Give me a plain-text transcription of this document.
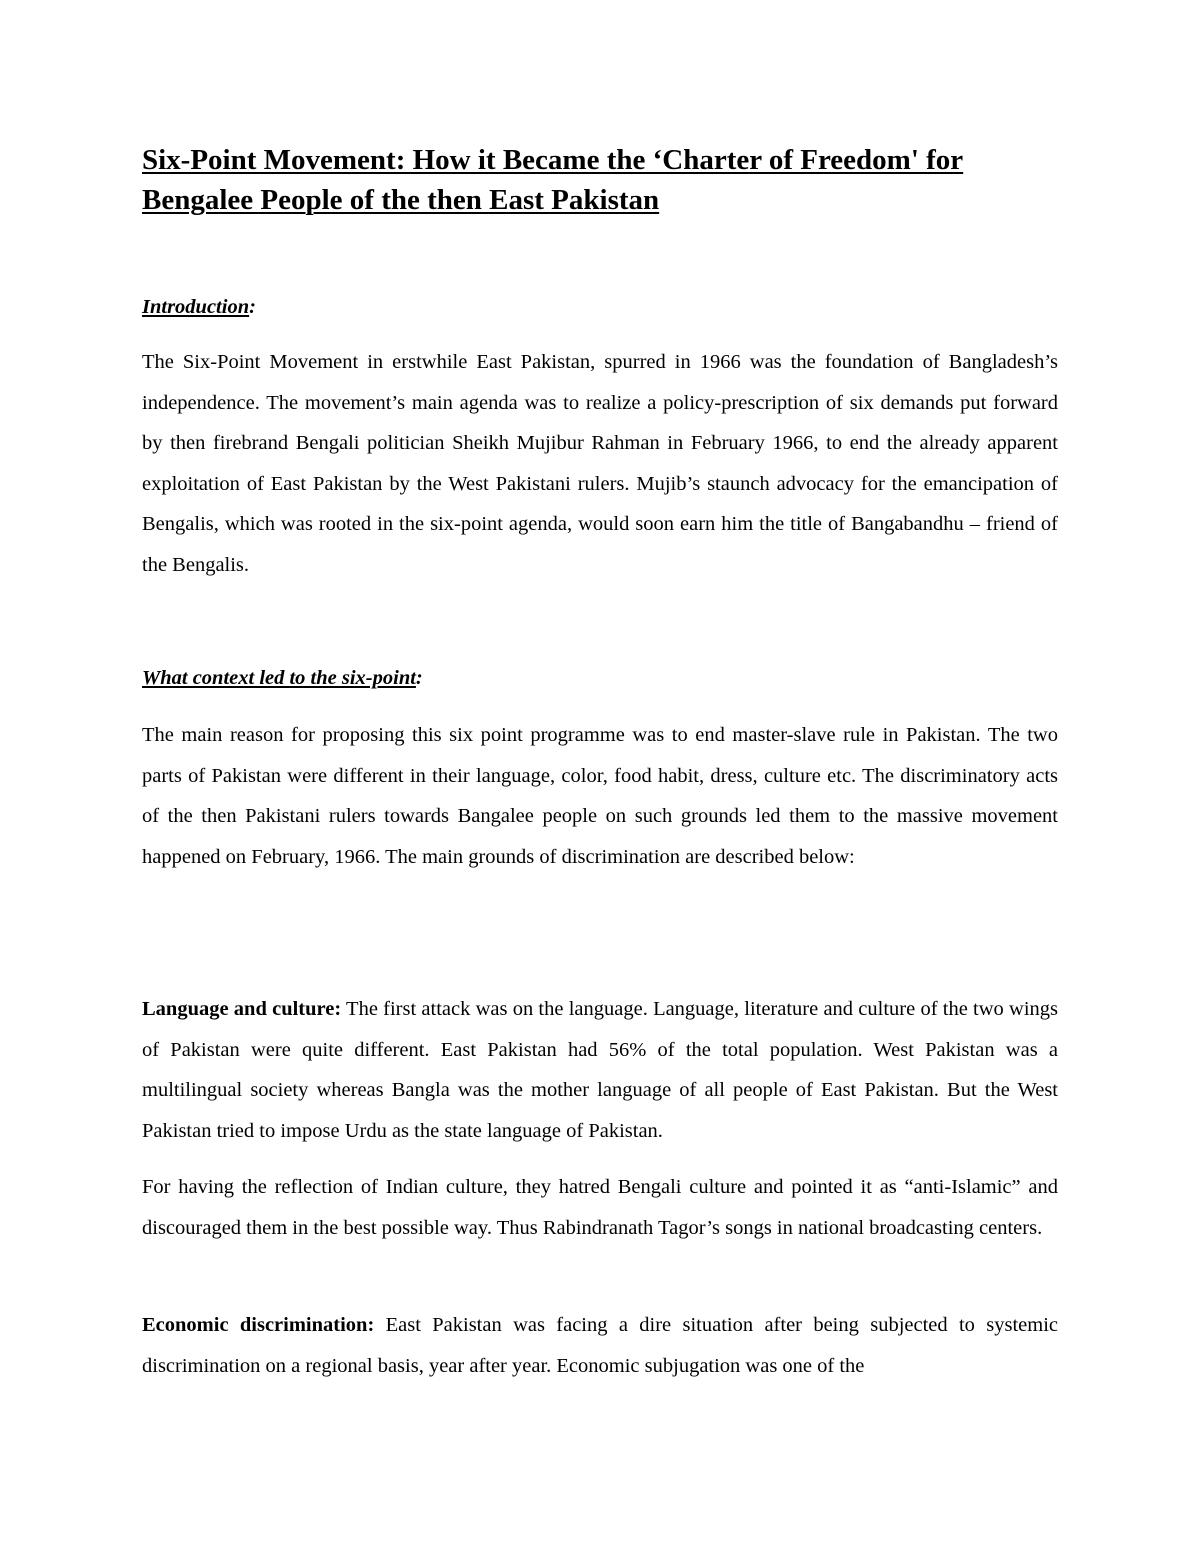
Six-Point Movement: How it Became the ‘Charter of Freedom' for Bengalee People of the then East Pakistan

Introduction:

The Six-Point Movement in erstwhile East Pakistan, spurred in 1966 was the foundation of Bangladesh’s independence. The movement’s main agenda was to realize a policy-prescription of six demands put forward by then firebrand Bengali politician Sheikh Mujibur Rahman in February 1966, to end the already apparent exploitation of East Pakistan by the West Pakistani rulers. Mujib’s staunch advocacy for the emancipation of Bengalis, which was rooted in the six-point agenda, would soon earn him the title of Bangabandhu – friend of the Bengalis.

What context led to the six-point:

The main reason for proposing this six point programme was to end master-slave rule in Pakistan. The two parts of Pakistan were different in their language, color, food habit, dress, culture etc. The discriminatory acts of the then Pakistani rulers towards Bangalee people on such grounds led them to the massive movement happened on February, 1966. The main grounds of discrimination are described below:

Language and culture: The first attack was on the language. Language, literature and culture of the two wings of Pakistan were quite different. East Pakistan had 56% of the total population. West Pakistan was a multilingual society whereas Bangla was the mother language of all people of East Pakistan. But the West Pakistan tried to impose Urdu as the state language of Pakistan.

For having the reflection of Indian culture, they hatred Bengali culture and pointed it as “anti-Islamic” and discouraged them in the best possible way. Thus Rabindranath Tagor’s songs in national broadcasting centers.

Economic discrimination: East Pakistan was facing a dire situation after being subjected to systemic discrimination on a regional basis, year after year. Economic subjugation was one of the
